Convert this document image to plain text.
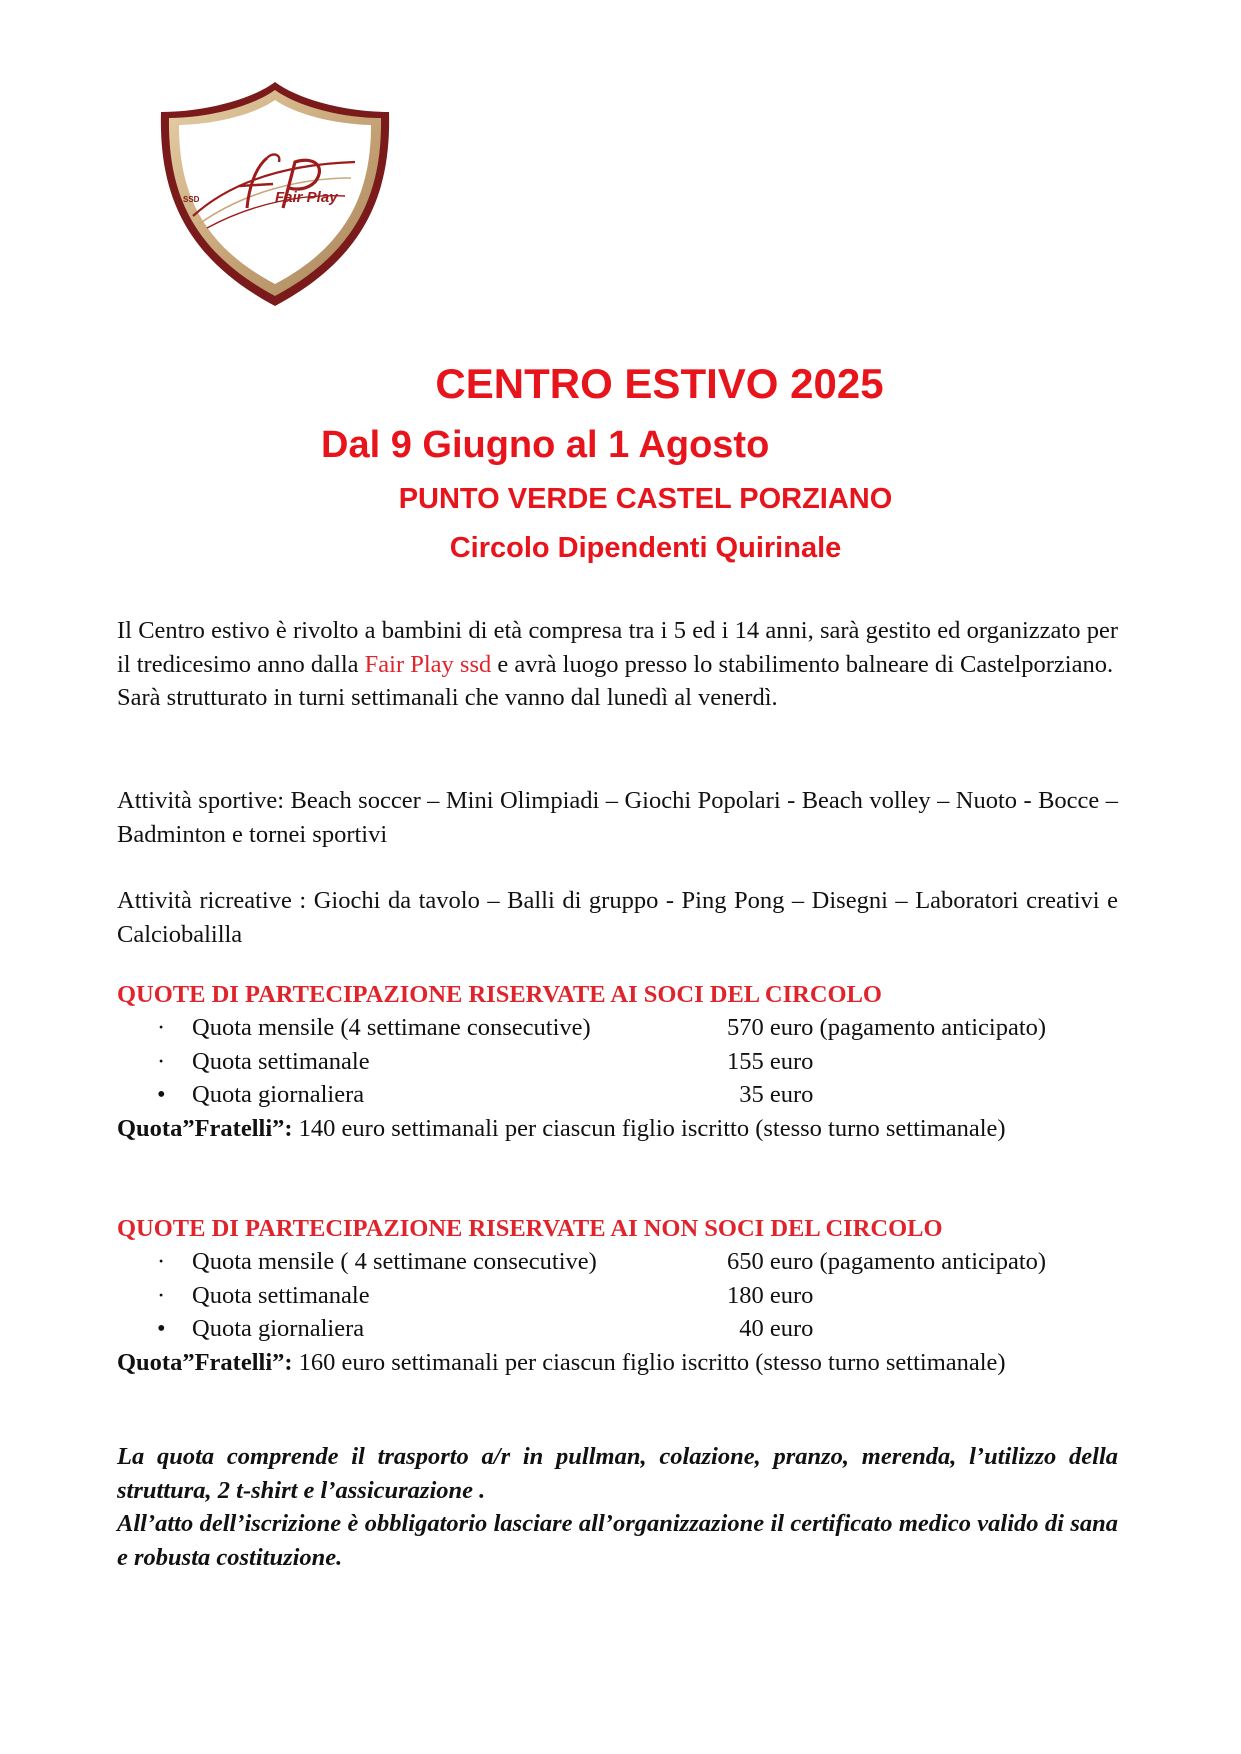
Fair Play
SSD
CENTRO ESTIVO 2025
Dal 9 Giugno al 1 Agosto
PUNTO VERDE CASTEL PORZIANO
Circolo Dipendenti Quirinale

Il Centro estivo è rivolto a bambini di età compresa tra i 5 ed i 14 anni, sarà gestito ed organizzato per il tredicesimo anno dalla Fair Play ssd e avrà luogo presso lo stabilimento balneare di Castelporziano.

Sarà strutturato in turni settimanali che vanno dal lunedì al venerdì.

Attività sportive: Beach soccer – Mini Olimpiadi – Giochi Popolari - Beach volley – Nuoto - Bocce – Badminton e tornei sportivi

Attività ricreative : Giochi da tavolo – Balli di gruppo - Ping Pong – Disegni – Laboratori creativi e Calciobalilla

QUOTE DI PARTECIPAZIONE RISERVATE AI SOCI DEL CIRCOLO
· Quota mensile (4 settimane consecutive)	570 euro (pagamento anticipato)
· Quota settimanale	155 euro
• Quota giornaliera	35 euro
Quota”Fratelli”: 140 euro settimanali per ciascun figlio iscritto (stesso turno settimanale)
QUOTE DI PARTECIPAZIONE RISERVATE AI NON SOCI DEL CIRCOLO
· Quota mensile ( 4 settimane consecutive)	650 euro (pagamento anticipato)
· Quota settimanale	180 euro
• Quota giornaliera	40 euro
Quota”Fratelli”: 160 euro settimanali per ciascun figlio iscritto (stesso turno settimanale)

La quota comprende il trasporto a/r in pullman, colazione, pranzo, merenda, l’utilizzo della struttura, 2 t-shirt e l’assicurazione .

All’atto dell’iscrizione è obbligatorio lasciare all’organizzazione il certificato medico valido di sana e robusta costituzione.
